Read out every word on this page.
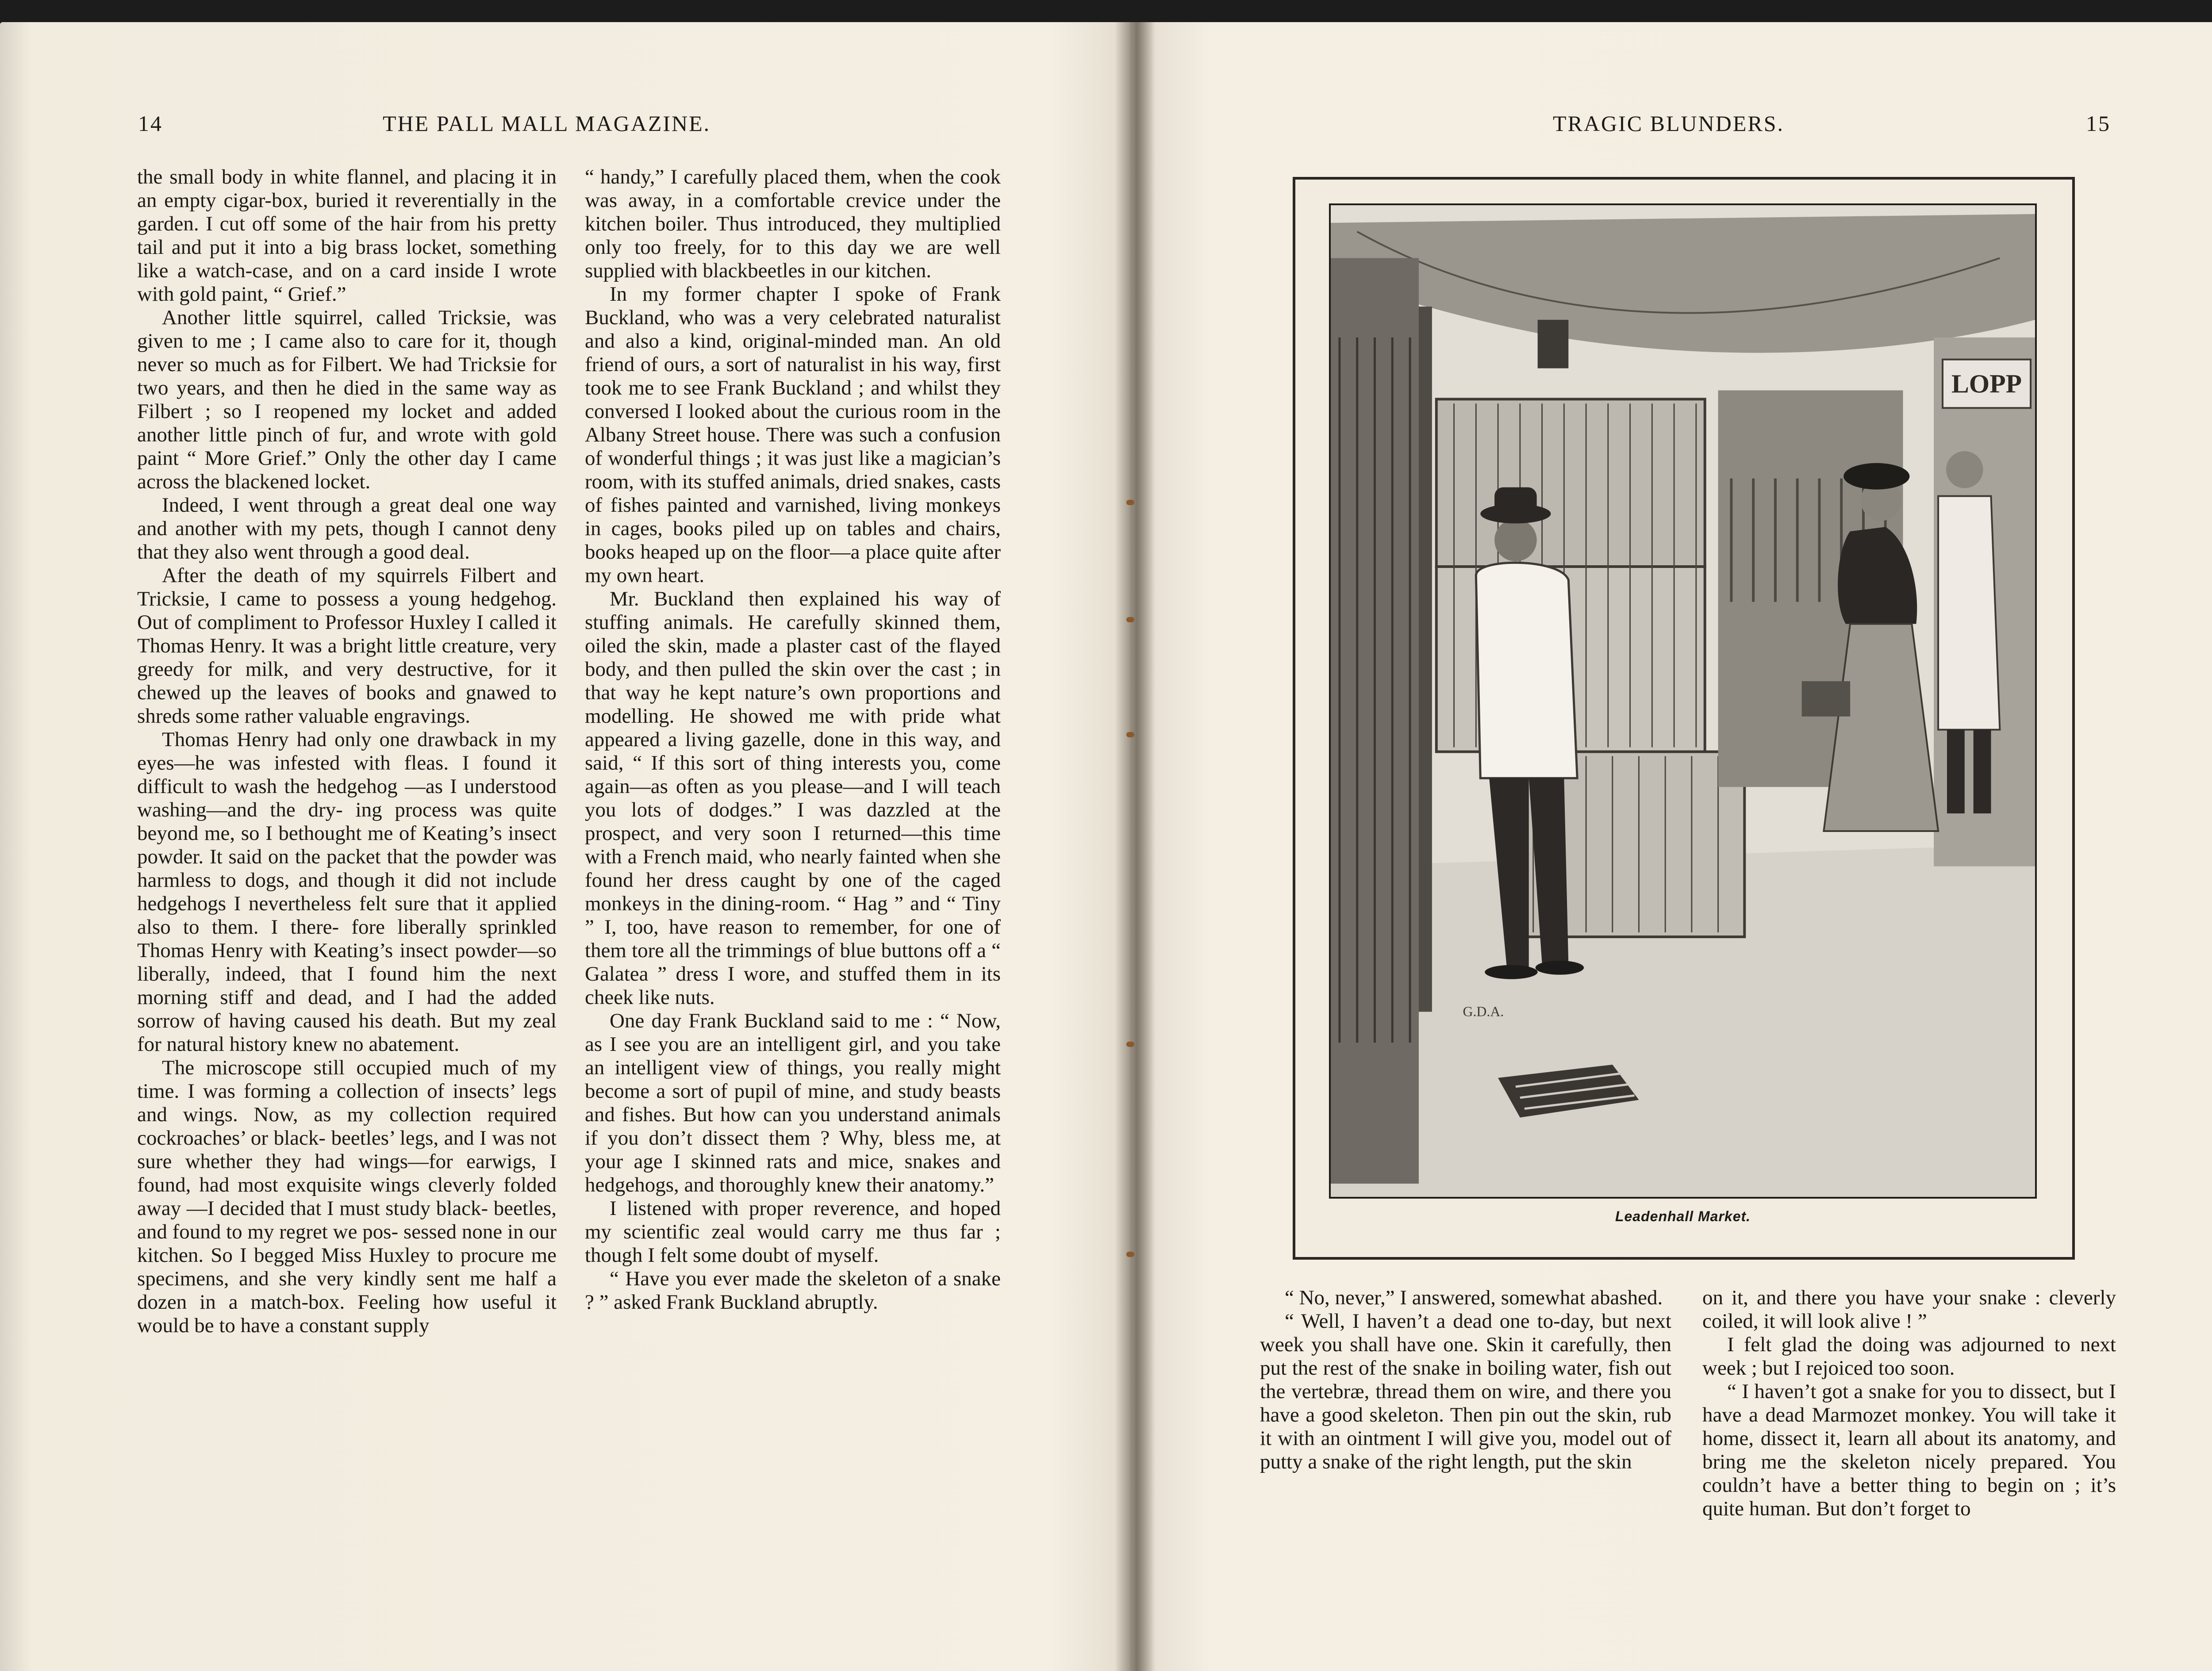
14	THE PALL MALL MAGAZINE.

the small body in white flannel, and placing it in an empty cigar-box, buried it reverentially in the garden. I cut off some of the hair from his pretty tail and put it into a big brass locket, something like a watch-case, and on a card inside I wrote with gold paint, “ Grief.”

Another little squirrel, called Tricksie, was given to me ; I came also to care for it, though never so much as for Filbert. We had Tricksie for two years, and then he died in the same way as Filbert ; so I reopened my locket and added another little pinch of fur, and wrote with gold paint “ More Grief.” Only the other day I came across the blackened locket.

Indeed, I went through a great deal one way and another with my pets, though I cannot deny that they also went through a good deal.

After the death of my squirrels Filbert and Tricksie, I came to possess a young hedgehog. Out of compliment to Professor Huxley I called it Thomas Henry. It was a bright little creature, very greedy for milk, and very destructive, for it chewed up the leaves of books and gnawed to shreds some rather valuable engravings.

Thomas Henry had only one drawback in my eyes—he was infested with fleas. I found it difficult to wash the hedgehog —as I understood washing—and the dry- ing process was quite beyond me, so I bethought me of Keating’s insect powder. It said on the packet that the powder was harmless to dogs, and though it did not include hedgehogs I nevertheless felt sure that it applied also to them. I there- fore liberally sprinkled Thomas Henry with Keating’s insect powder—so liberally, indeed, that I found him the next morning stiff and dead, and I had the added sorrow of having caused his death. But my zeal for natural history knew no abatement.

The microscope still occupied much of my time. I was forming a collection of insects’ legs and wings. Now, as my collection required cockroaches’ or black- beetles’ legs, and I was not sure whether they had wings—for earwigs, I found, had most exquisite wings cleverly folded away —I decided that I must study black- beetles, and found to my regret we pos- sessed none in our kitchen. So I begged Miss Huxley to procure me specimens, and she very kindly sent me half a dozen in a match-box. Feeling how useful it would be to have a constant supply

“ handy,” I carefully placed them, when the cook was away, in a comfortable crevice under the kitchen boiler. Thus introduced, they multiplied only too freely, for to this day we are well supplied with blackbeetles in our kitchen.

In my former chapter I spoke of Frank Buckland, who was a very celebrated naturalist and also a kind, original-minded man. An old friend of ours, a sort of naturalist in his way, first took me to see Frank Buckland ; and whilst they conversed I looked about the curious room in the Albany Street house. There was such a confusion of wonderful things ; it was just like a magician’s room, with its stuffed animals, dried snakes, casts of fishes painted and varnished, living monkeys in cages, books piled up on tables and chairs, books heaped up on the floor—a place quite after my own heart.

Mr. Buckland then explained his way of stuffing animals. He carefully skinned them, oiled the skin, made a plaster cast of the flayed body, and then pulled the skin over the cast ; in that way he kept nature’s own proportions and modelling. He showed me with pride what appeared a living gazelle, done in this way, and said, “ If this sort of thing interests you, come again—as often as you please—and I will teach you lots of dodges.” I was dazzled at the prospect, and very soon I returned—this time with a French maid, who nearly fainted when she found her dress caught by one of the caged monkeys in the dining-room. “ Hag ” and “ Tiny ” I, too, have reason to remember, for one of them tore all the trimmings of blue buttons off a “ Galatea ” dress I wore, and stuffed them in its cheek like nuts.

One day Frank Buckland said to me : “ Now, as I see you are an intelligent girl, and you take an intelligent view of things, you really might become a sort of pupil of mine, and study beasts and fishes. But how can you understand animals if you don’t dissect them ? Why, bless me, at your age I skinned rats and mice, snakes and hedgehogs, and thoroughly knew their anatomy.”

I listened with proper reverence, and hoped my scientific zeal would carry me thus far ; though I felt some doubt of myself.

“ Have you ever made the skeleton of a snake ? ” asked Frank Buckland abruptly.

TRAGIC BLUNDERS.	15
LOPP
G.D.A.
Leadenhall Market.

“ No, never,” I answered, somewhat abashed.

“ Well, I haven’t a dead one to-day, but next week you shall have one. Skin it carefully, then put the rest of the snake in boiling water, fish out the vertebræ, thread them on wire, and there you have a good skeleton. Then pin out the skin, rub it with an ointment I will give you, model out of putty a snake of the right length, put the skin

on it, and there you have your snake : cleverly coiled, it will look alive ! ”

I felt glad the doing was adjourned to next week ; but I rejoiced too soon.

“ I haven’t got a snake for you to dissect, but I have a dead Marmozet monkey. You will take it home, dissect it, learn all about its anatomy, and bring me the skeleton nicely prepared. You couldn’t have a better thing to begin on ; it’s quite human. But don’t forget to
